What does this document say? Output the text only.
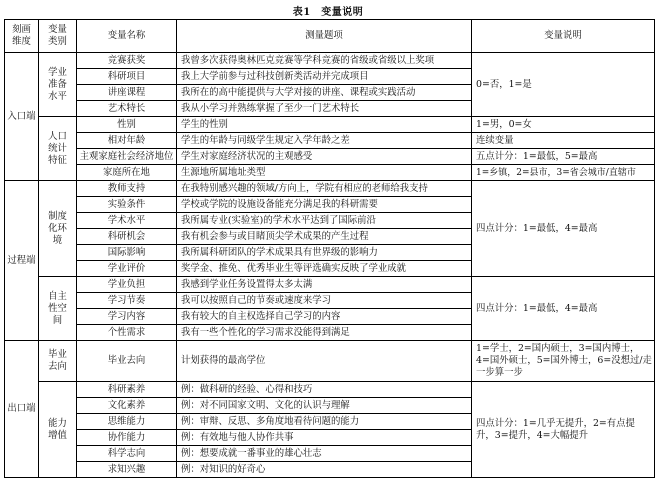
表1　变量说明
刻画维度	变量类别	变量名称	测量题项	变量说明
入口端	学业准备水平	竞赛获奖	我曾多次获得奥林匹克竞赛等学科竞赛的省级或省级以上奖项	0=否，1=是
		科研项目	我上大学前参与过科技创新类活动并完成项目	
		讲座课程	我所在的高中能提供与大学对接的讲座、课程或实践活动	
		艺术特长	我从小学习并熟练掌握了至少一门艺术特长	
	人口统计特征	性别	学生的性别	1=男，0=女
		相对年龄	学生的年龄与同级学生规定入学年龄之差	连续变量
		主观家庭社会经济地位	学生对家庭经济状况的主观感受	五点计分：1=最低，5=最高
		家庭所在地	生源地所属地址类型	1=乡镇，2=县市，3=省会城市/直辖市
过程端	制度化环境	教师支持	在我特别感兴趣的领域/方向上，学院有相应的老师给我支持	四点计分：1=最低，4=最高
		实验条件	学校或学院的设施设备能充分满足我的科研需要	
		学术水平	我所属专业(实验室)的学术水平达到了国际前沿	
		科研机会	我有机会参与或目睹顶尖学术成果的产生过程	
		国际影响	我所属科研团队的学术成果具有世界级的影响力	
		学业评价	奖学金、推免、优秀毕业生等评选确实反映了学业成就	
	自主性空间	学业负担	我感到学业任务设置得太多太满	四点计分：1=最低，4=最高
		学习节奏	我可以按照自己的节奏或速度来学习	
		学习内容	我有较大的自主权选择自己学习的内容	
		个性需求	我有一些个性化的学习需求没能得到满足	
出口端	毕业去向	毕业去向	计划获得的最高学位	1=学士，2=国内硕士，3=国内博士，4=国外硕士，5=国外博士，6=没想过/走一步算一步
	能力增值	科研素养	例：做科研的经验、心得和技巧	四点计分：1=几乎无提升，2=有点提升，3=提升，4=大幅提升
		文化素养	例：对不同国家文明、文化的认识与理解	
		思维能力	例：审辩、反思、多角度地看待问题的能力	
		协作能力	例：有效地与他人协作共事	
		科学志向	例：想要成就一番事业的雄心壮志	
		求知兴趣	例：对知识的好奇心	
